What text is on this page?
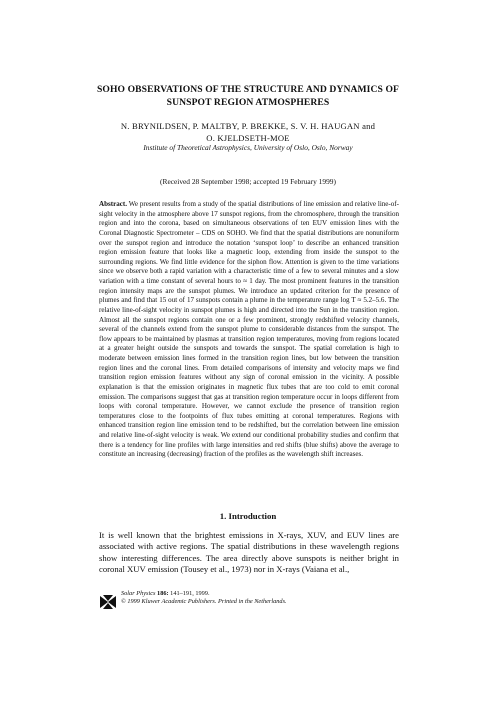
SOHO OBSERVATIONS OF THE STRUCTURE AND DYNAMICS OF
SUNSPOT REGION ATMOSPHERES
N. BRYNILDSEN, P. MALTBY, P. BREKKE, S. V. H. HAUGAN and
O. KJELDSETH-MOE
Institute of Theoretical Astrophysics, University of Oslo, Oslo, Norway
(Received 28 September 1998; accepted 19 February 1999)
Abstract. We present results from a study of the spatial distributions of line emission and relative line-of-sight velocity in the atmosphere above 17 sunspot regions, from the chromosphere, through the transition region and into the corona, based on simultaneous observations of ten EUV emission lines with the Coronal Diagnostic Spectrometer – CDS on SOHO. We find that the spatial distributions are nonuniform over the sunspot region and introduce the notation ‘sunspot loop’ to describe an enhanced transition region emission feature that looks like a magnetic loop, extending from inside the sunspot to the surrounding regions. We find little evidence for the siphon flow. Attention is given to the time variations since we observe both a rapid variation with a characteristic time of a few to several minutes and a slow variation with a time constant of several hours to ≈ 1 day. The most prominent features in the transition region intensity maps are the sunspot plumes. We introduce an updated criterion for the presence of plumes and find that 15 out of 17 sunspots contain a plume in the temperature range log T ≈ 5.2–5.6. The relative line-of-sight velocity in sunspot plumes is high and directed into the Sun in the transition region. Almost all the sunspot regions contain one or a few prominent, strongly redshifted velocity channels, several of the channels extend from the sunspot plume to considerable distances from the sunspot. The flow appears to be maintained by plasmas at transition region temperatures, moving from regions located at a greater height outside the sunspots and towards the sunspot. The spatial correlation is high to moderate between emission lines formed in the transition region lines, but low between the transition region lines and the coronal lines. From detailed comparisons of intensity and velocity maps we find transition region emission features without any sign of coronal emission in the vicinity. A possible explanation is that the emission originates in magnetic flux tubes that are too cold to emit coronal emission. The comparisons suggest that gas at transition region temperature occur in loops different from loops with coronal temperature. However, we cannot exclude the presence of transition region temperatures close to the footpoints of flux tubes emitting at coronal temperatures. Regions with enhanced transition region line emission tend to be redshifted, but the correlation between line emission and relative line-of-sight velocity is weak. We extend our conditional probability studies and confirm that there is a tendency for line profiles with large intensities and red shifts (blue shifts) above the average to constitute an increasing (decreasing) fraction of the profiles as the wavelength shift increases.
1. Introduction
It is well known that the brightest emissions in X-rays, XUV, and EUV lines are associated with active regions. The spatial distributions in these wavelength regions show interesting differences. The area directly above sunspots is neither bright in coronal XUV emission (Tousey et al., 1973) nor in X-rays (Vaiana et al.,
Solar Physics 186: 141–191, 1999.
© 1999 Kluwer Academic Publishers. Printed in the Netherlands.
